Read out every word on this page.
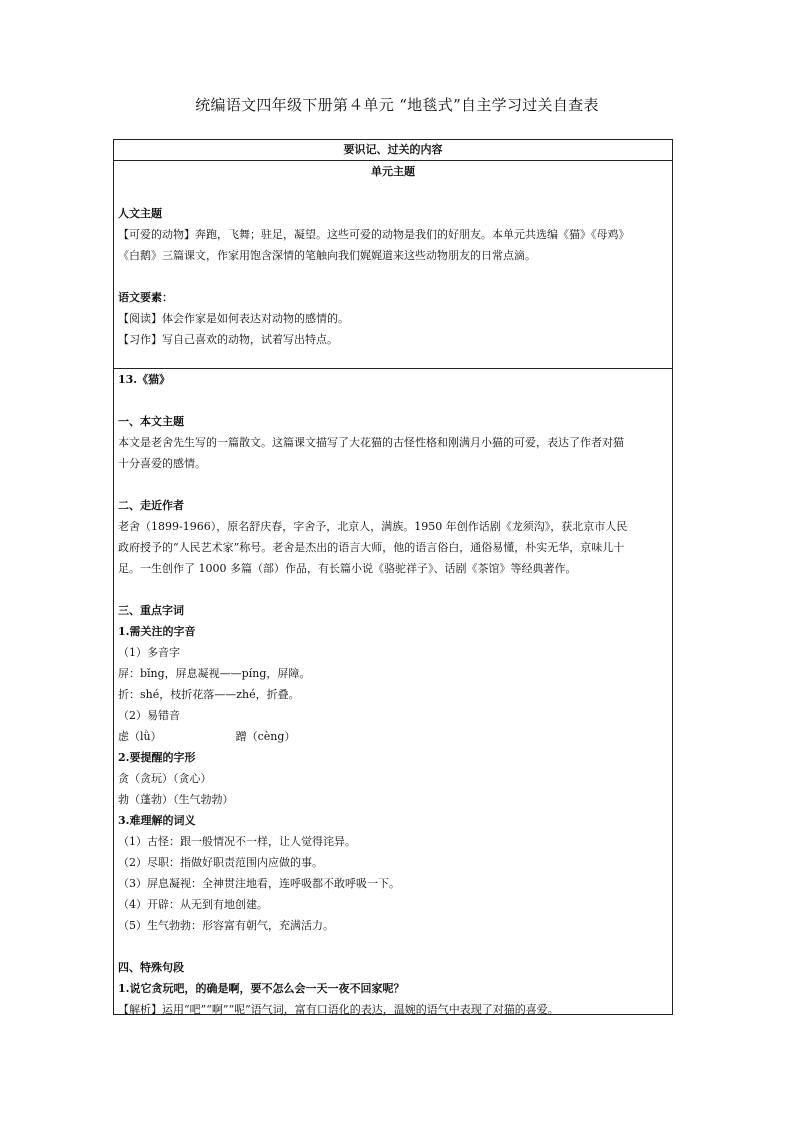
统编语文四年级下册第４单元 “地毯式”自主学习过关自查表
要识记、过关的内容
单元主题
人文主题
【可爱的动物】奔跑，飞舞；驻足，凝望。这些可爱的动物是我们的好朋友。本单元共选编《猫》《母鸡》
《白鹅》三篇课文，作家用饱含深情的笔触向我们娓娓道来这些动物朋友的日常点滴。
语文要素：
【阅读】体会作家是如何表达对动物的感情的。
【习作】写自己喜欢的动物，试着写出特点。
13.《猫》
一、本文主题
本文是老舍先生写的一篇散文。这篇课文描写了大花猫的古怪性格和刚满月小猫的可爱，表达了作者对猫
十分喜爱的感情。
二、走近作者
老舍（1899-1966），原名舒庆春，字舍予，北京人，满族。1950 年创作话剧《龙须沟》，获北京市人民
政府授予的“人民艺术家”称号。老舍是杰出的语言大师，他的语言俗白，通俗易懂，朴实无华，京味儿十
足。一生创作了 1000 多篇（部）作品，有长篇小说《骆驼祥子》、话剧《茶馆》等经典著作。
三、重点字词
1.需关注的字音
（1）多音字
屏：bǐng，屏息凝视——píng，屏障。
折：shé，枝折花落——zhé，折叠。
（2）易错音
虑（lǜ）	蹭（cèng）
2.要提醒的字形
贪（贪玩）（贪心）
勃（蓬勃）（生气勃勃）
3.难理解的词义
（1）古怪：跟一般情况不一样，让人觉得诧异。
（2）尽职：指做好职责范围内应做的事。
（3）屏息凝视：全神贯注地看，连呼吸都不敢呼吸一下。
（4）开辟：从无到有地创建。
（5）生气勃勃：形容富有朝气，充满活力。
四、特殊句段
1.说它贪玩吧，的确是啊，要不怎么会一天一夜不回家呢？
【解析】运用“吧”“啊”“呢”语气词，富有口语化的表达，温婉的语气中表现了对猫的喜爱。
